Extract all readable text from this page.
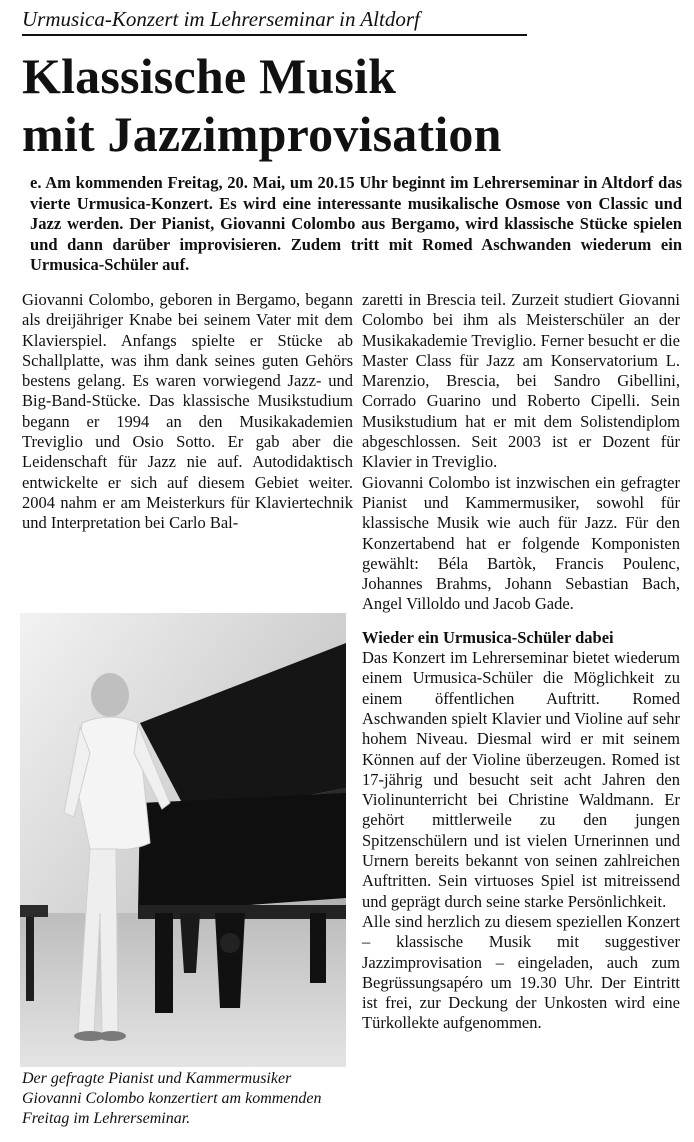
Urmusica-Konzert im Lehrerseminar in Altdorf
Klassische Musik
mit Jazzimprovisation
e. Am kommenden Freitag, 20. Mai, um 20.15 Uhr beginnt im Lehrerseminar in Altdorf das vierte Urmusica-Konzert. Es wird eine interessante musikalische Osmose von Classic und Jazz werden. Der Pianist, Giovanni Colombo aus Bergamo, wird klassische Stücke spielen und dann darüber improvisieren. Zudem tritt mit Romed Aschwanden wiederum ein Urmusica-Schüler auf.

Giovanni Colombo, geboren in Bergamo, begann als dreijähriger Knabe bei seinem Vater mit dem Klavierspiel. Anfangs spielte er Stücke ab Schallplatte, was ihm dank seines guten Gehörs bestens gelang. Es waren vorwiegend Jazz- und Big-Band-Stücke. Das klassische Musikstudium begann er 1994 an den Musikakademien Treviglio und Osio Sotto. Er gab aber die Leidenschaft für Jazz nie auf. Autodidaktisch entwickelte er sich auf diesem Gebiet weiter. 2004 nahm er am Meisterkurs für Klaviertechnik und Interpretation bei Carlo Bal-

Der gefragte Pianist und Kammermusiker Giovanni Colombo konzertiert am kommenden Freitag im Lehrerseminar.

zaretti in Brescia teil. Zurzeit studiert Giovanni Colombo bei ihm als Meisterschüler an der Musikakademie Treviglio. Ferner besucht er die Master Class für Jazz am Konservatorium L. Marenzio, Brescia, bei Sandro Gibellini, Corrado Guarino und Roberto Cipelli. Sein Musikstudium hat er mit dem Solistendiplom abgeschlossen. Seit 2003 ist er Dozent für Klavier in Treviglio.

Giovanni Colombo ist inzwischen ein gefragter Pianist und Kammermusiker, sowohl für klassische Musik wie auch für Jazz. Für den Konzertabend hat er folgende Komponisten gewählt: Béla Bartòk, Francis Poulenc, Johannes Brahms, Johann Sebastian Bach, Angel Villoldo und Jacob Gade.

Wieder ein Urmusica-Schüler dabei

Das Konzert im Lehrerseminar bietet wiederum einem Urmusica-Schüler die Möglichkeit zu einem öffentlichen Auftritt. Romed Aschwanden spielt Klavier und Violine auf sehr hohem Niveau. Diesmal wird er mit seinem Können auf der Violine überzeugen. Romed ist 17-jährig und besucht seit acht Jahren den Violinunterricht bei Christine Waldmann. Er gehört mittlerweile zu den jungen Spitzenschülern und ist vielen Urnerinnen und Urnern bereits bekannt von seinen zahlreichen Auftritten. Sein virtuoses Spiel ist mitreissend und geprägt durch seine starke Persönlichkeit.

Alle sind herzlich zu diesem speziellen Konzert – klassische Musik mit suggestiver Jazzimprovisation – eingeladen, auch zum Begrüssungsapéro um 19.30 Uhr. Der Eintritt ist frei, zur Deckung der Unkosten wird eine Türkollekte aufgenommen.
